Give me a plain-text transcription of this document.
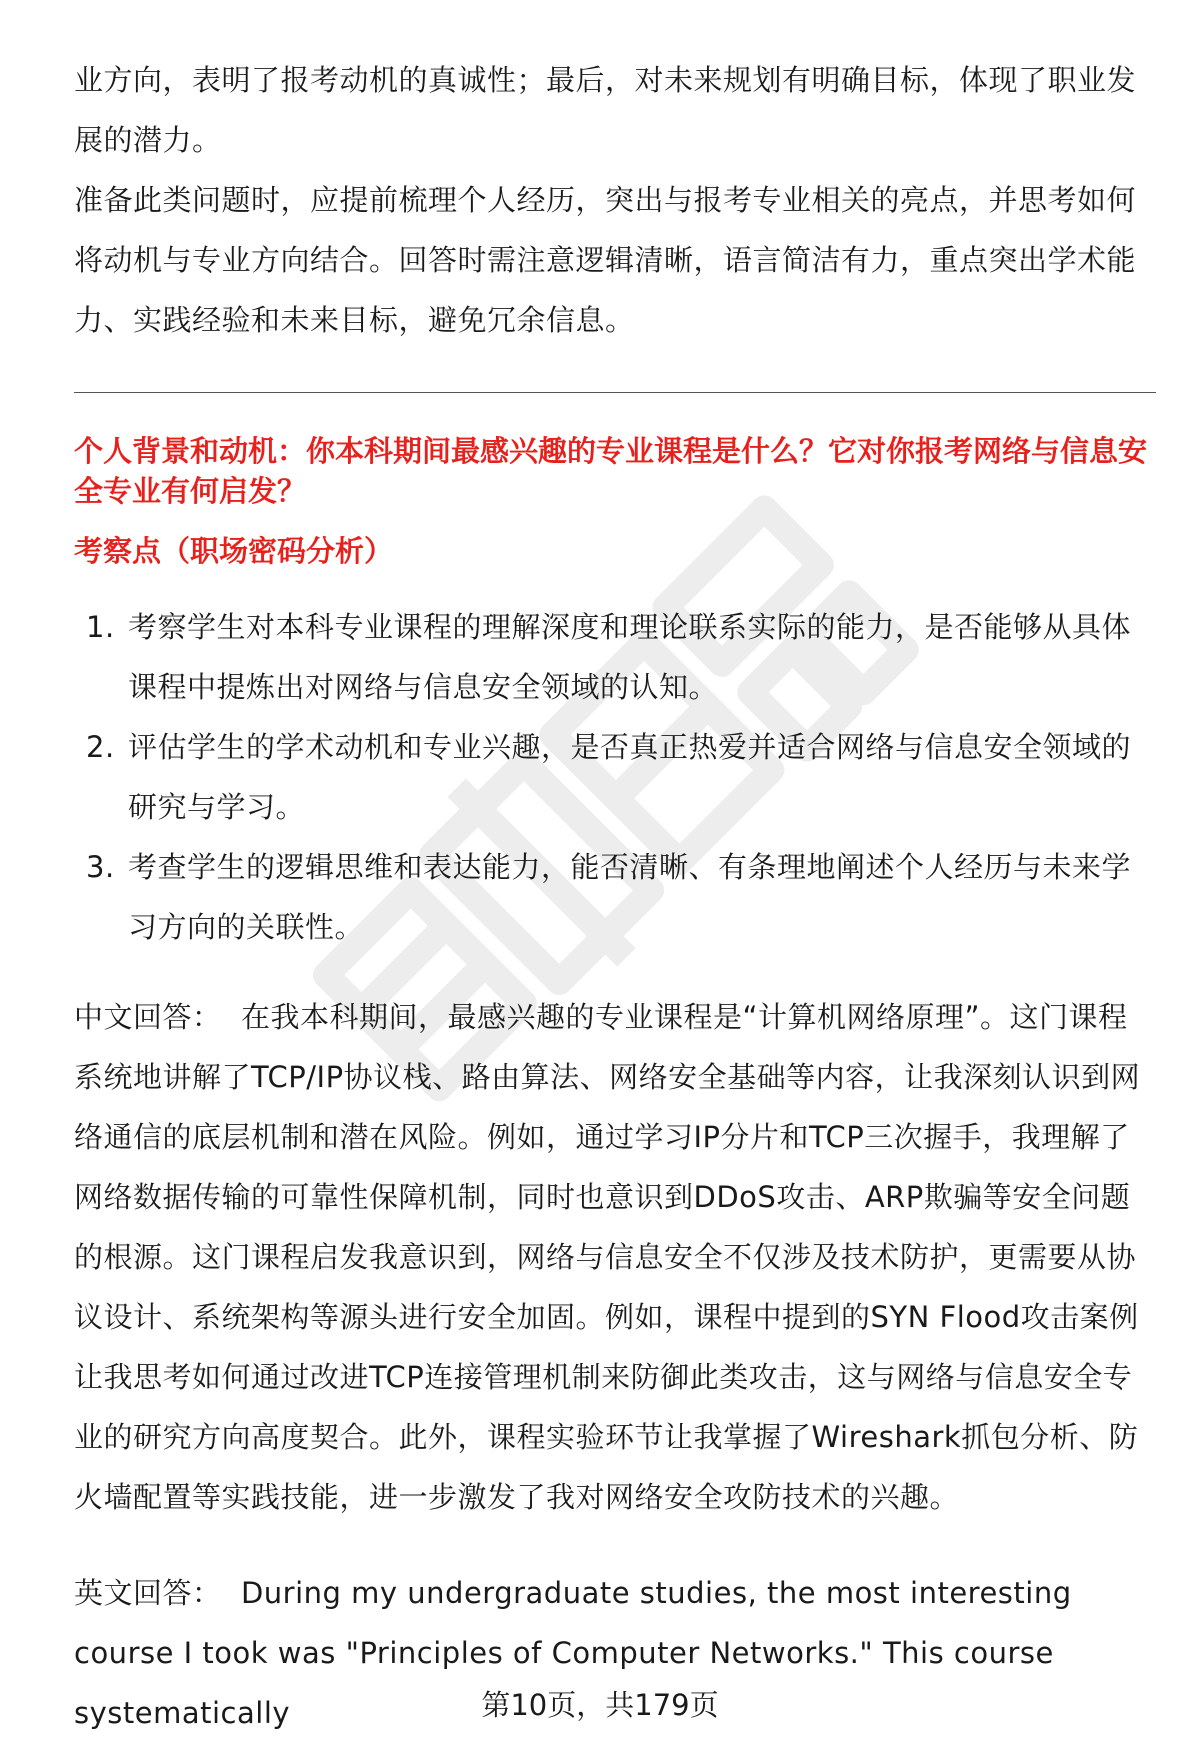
业方向，表明了报考动机的真诚性；最后，对未来规划有明确目标，体现了职业发展的潜力。

准备此类问题时，应提前梳理个人经历，突出与报考专业相关的亮点，并思考如何将动机与专业方向结合。回答时需注意逻辑清晰，语言简洁有力，重点突出学术能力、实践经验和未来目标，避免冗余信息。

个人背景和动机：你本科期间最感兴趣的专业课程是什么？它对你报考网络与信息安全专业有何启发？

考察点（职场密码分析）

1. 考察学生对本科专业课程的理解深度和理论联系实际的能力，是否能够从具体课程中提炼出对网络与信息安全领域的认知。
2. 评估学生的学术动机和专业兴趣，是否真正热爱并适合网络与信息安全领域的研究与学习。
3. 考查学生的逻辑思维和表达能力，能否清晰、有条理地阐述个人经历与未来学习方向的关联性。

中文回答： 在我本科期间，最感兴趣的专业课程是“计算机网络原理”。这门课程系统地讲解了TCP/IP协议栈、路由算法、网络安全基础等内容，让我深刻认识到网络通信的底层机制和潜在风险。例如，通过学习IP分片和TCP三次握手，我理解了网络数据传输的可靠性保障机制，同时也意识到DDoS攻击、ARP欺骗等安全问题的根源。这门课程启发我意识到，网络与信息安全不仅涉及技术防护，更需要从协议设计、系统架构等源头进行安全加固。例如，课程中提到的SYN Flood攻击案例让我思考如何通过改进TCP连接管理机制来防御此类攻击，这与网络与信息安全专业的研究方向高度契合。此外，课程实验环节让我掌握了Wireshark抓包分析、防火墙配置等实践技能，进一步激发了我对网络安全攻防技术的兴趣。

英文回答： During my undergraduate studies, the most interesting course I took was "Principles of Computer Networks." This course systematically	第10页，共179页
